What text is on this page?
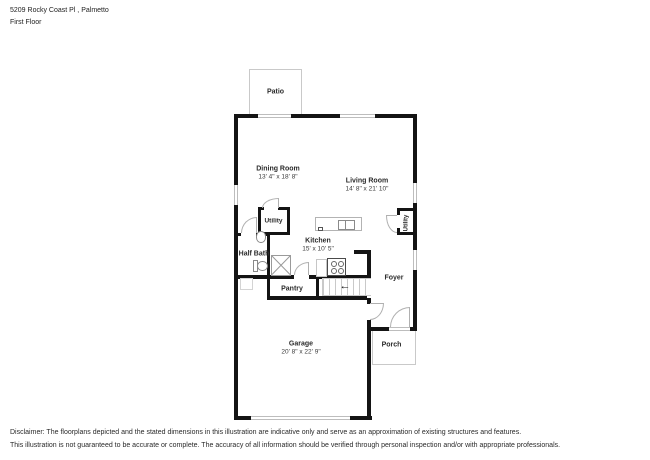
5209 Rocky Coast Pl , Palmetto
First Floor
←
Patio
Dining Room
13' 4" x 18' 8"
Living Room
14' 8" x 21' 10"
Utility	Utility
Kitchen
15' x 10' 5"
Half Bath
Pantry
Foyer
Garage
20' 8" x 22' 9"
Porch
Disclaimer: The floorplans depicted and the stated dimensions in this illustration are indicative only and serve as an approximation of existing structures and features.
This illustration is not guaranteed to be accurate or complete. The accuracy of all information should be verified through personal inspection and/or with appropriate professionals.
